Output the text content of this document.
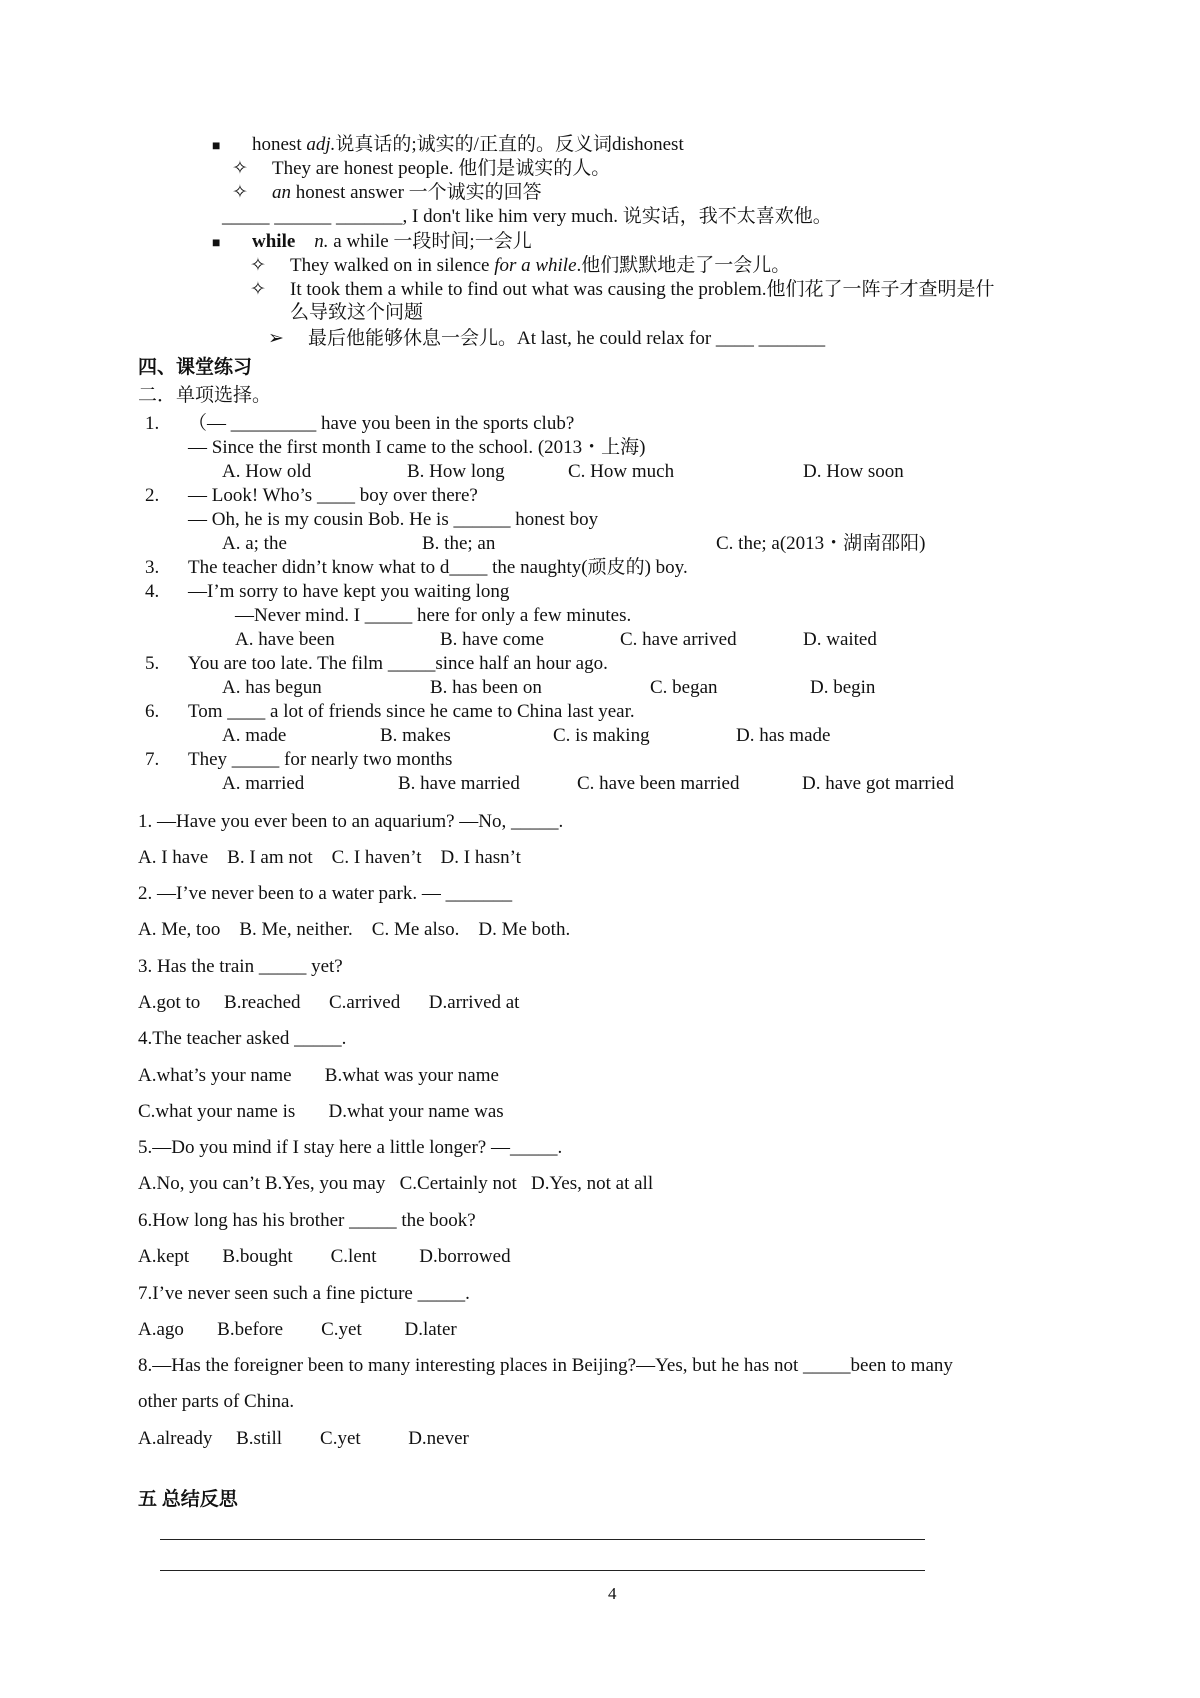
■ honest adj.说真话的;诚实的/正直的。反义词dishonest
✧ They are honest people. 他们是诚实的人。
✧ an honest answer 一个诚实的回答
_____ ______ _______, I don't like him very much. 说实话，我不太喜欢他。
■ while n. a while 一段时间;一会儿
✧ They walked on in silence for a while.他们默默地走了一会儿。
✧ It took them a while to find out what was causing the problem.他们花了一阵子才查明是什
么导致这个问题
➢ 最后他能够休息一会儿。At last, he could relax for ____ _______
四、课堂练习
二．单项选择。
1. （— _________ have you been in the sports club?
— Since the first month I came to the school. (2013・上海)
A. How old	B. How long	C. How much	D. How soon
2. — Look! Who’s ____ boy over there?
— Oh, he is my cousin Bob. He is ______ honest boy
A. a; the	B. the; an	C. the; a(2013・湖南邵阳)
3. The teacher didn’t know what to d____ the naughty(顽皮的) boy.
4. —I’m sorry to have kept you waiting long
—Never mind. I _____ here for only a few minutes.
A. have been	B. have come	C. have arrived	D. waited
5. You are too late. The film _____since half an hour ago.
A. has begun	B. has been on	C. began	D. begin
6. Tom ____ a lot of friends since he came to China last year.
A. made	B. makes	C. is making	D. has made
7. They _____ for nearly two months
A. married	B. have married	C. have been married	D. have got married
1. —Have you ever been to an aquarium? —No, _____.
A. I have    B. I am not    C. I haven’t    D. I hasn’t
2. —I’ve never been to a water park. — _______
A. Me, too    B. Me, neither.    C. Me also.    D. Me both.
3. Has the train _____ yet?
A.got to     B.reached      C.arrived      D.arrived at
4.The teacher asked _____.
A.what’s your name       B.what was your name
C.what your name is       D.what your name was
5.—Do you mind if I stay here a little longer? —_____.
A.No, you can’t B.Yes, you may   C.Certainly not   D.Yes, not at all
6.How long has his brother _____ the book?
A.kept       B.bought        C.lent         D.borrowed
7.I’ve never seen such a fine picture _____.
A.ago       B.before        C.yet         D.later
8.—Has the foreigner been to many interesting places in Beijing?—Yes, but he has not _____been to many
other parts of China.
A.already     B.still        C.yet          D.never
五 总结反思
4
